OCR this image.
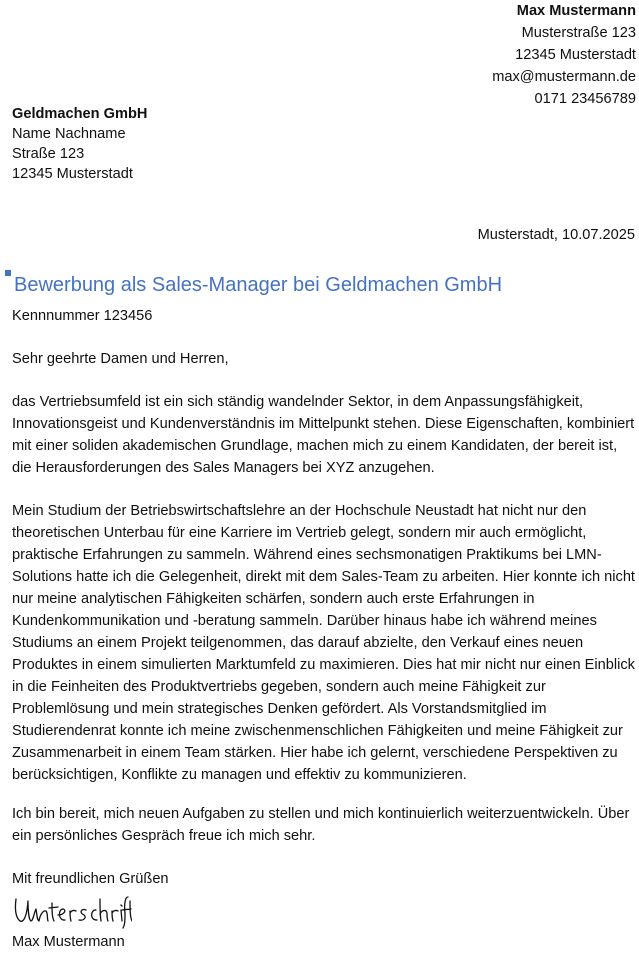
Max Mustermann
Musterstraße 123
12345 Musterstadt
max@mustermann.de
0171 23456789
Geldmachen GmbH
Name Nachname
Straße 123
12345 Musterstadt
Musterstadt, 10.07.2025
Bewerbung als Sales-Manager bei Geldmachen GmbH
Kennnummer 123456
Sehr geehrte Damen und Herren,

das Vertriebsumfeld ist ein sich ständig wandelnder Sektor, in dem Anpassungsfähigkeit, Innovationsgeist und Kundenverständnis im Mittelpunkt stehen. Diese Eigenschaften, kombiniert mit einer soliden akademischen Grundlage, machen mich zu einem Kandidaten, der bereit ist, die Herausforderungen des Sales Managers bei XYZ anzugehen.

Mein Studium der Betriebswirtschaftslehre an der Hochschule Neustadt hat nicht nur den theoretischen Unterbau für eine Karriere im Vertrieb gelegt, sondern mir auch ermöglicht, praktische Erfahrungen zu sammeln. Während eines sechsmonatigen Praktikums bei LMN-Solutions hatte ich die Gelegenheit, direkt mit dem Sales-Team zu arbeiten. Hier konnte ich nicht nur meine analytischen Fähigkeiten schärfen, sondern auch erste Erfahrungen in Kundenkommunikation und -beratung sammeln. Darüber hinaus habe ich während meines Studiums an einem Projekt teilgenommen, das darauf abzielte, den Verkauf eines neuen Produktes in einem simulierten Marktumfeld zu maximieren. Dies hat mir nicht nur einen Einblick in die Feinheiten des Produktvertriebs gegeben, sondern auch meine Fähigkeit zur Problemlösung und mein strategisches Denken gefördert. Als Vorstandsmitglied im Studierendenrat konnte ich meine zwischenmenschlichen Fähigkeiten und meine Fähigkeit zur Zusammenarbeit in einem Team stärken. Hier habe ich gelernt, verschiedene Perspektiven zu berücksichtigen, Konflikte zu managen und effektiv zu kommunizieren.

Ich bin bereit, mich neuen Aufgaben zu stellen und mich kontinuierlich weiterzuentwickeln. Über ein persönliches Gespräch freue ich mich sehr.

Mit freundlichen Grüßen
Max Mustermann
